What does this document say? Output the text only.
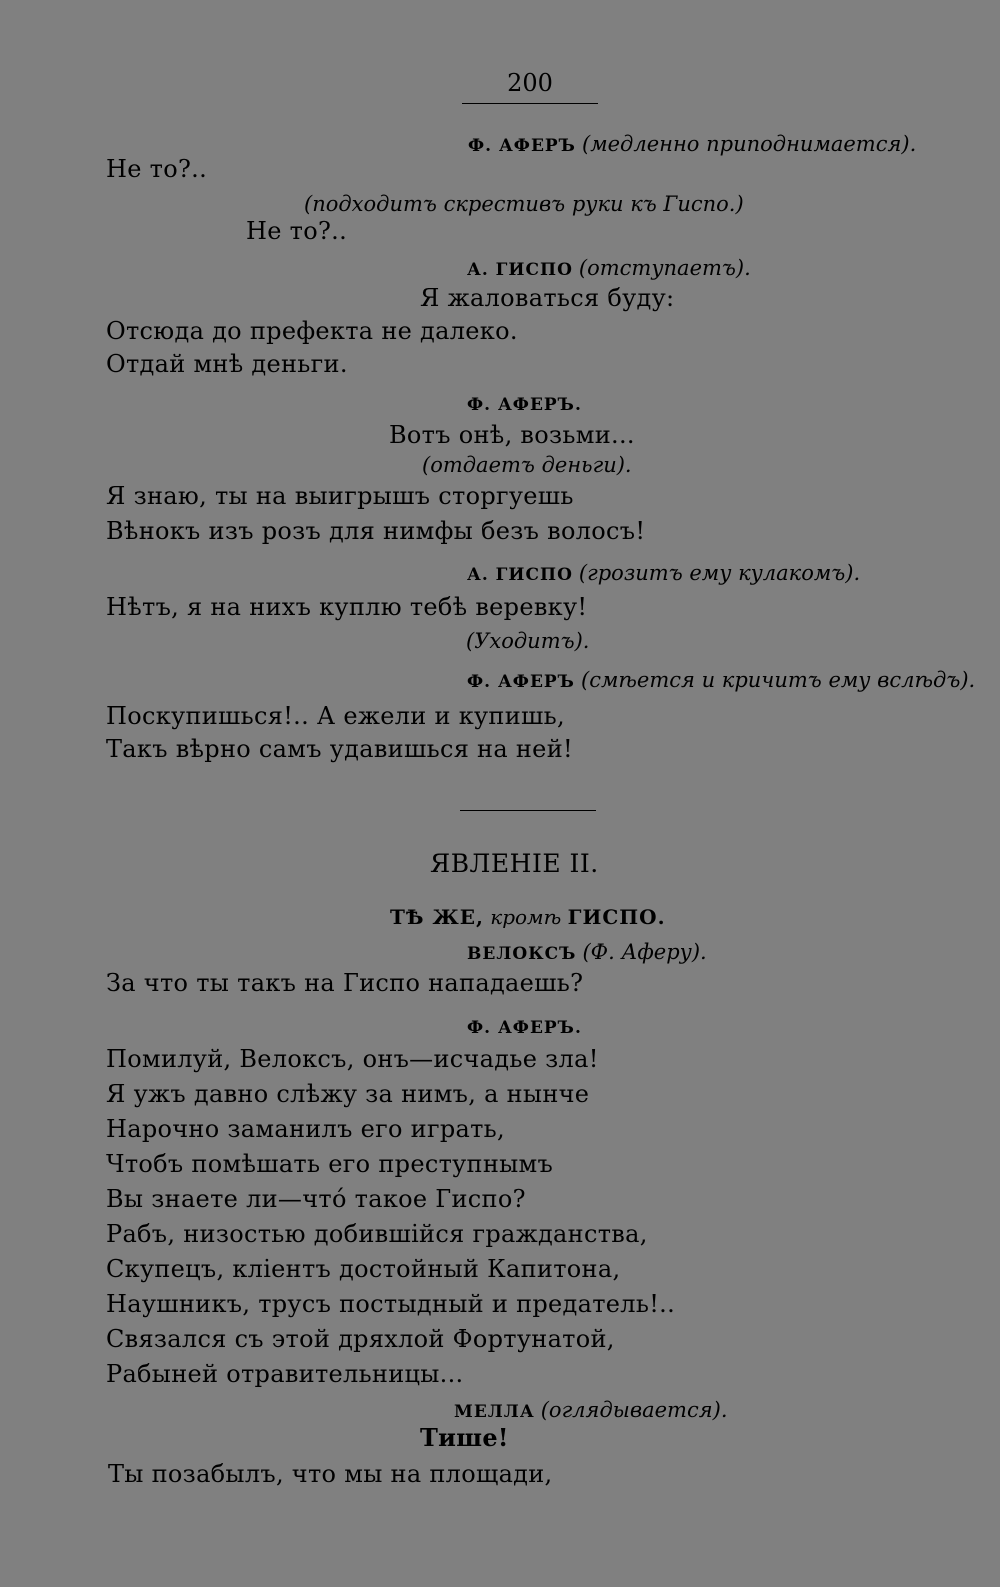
200
Ф. АФЕРЪ (медленно приподнимается).
Не то?..
(подходитъ скрестивъ руки къ Гиспо.)
Не то?..
А. ГИСПО (отступаетъ).
Я жаловаться буду:
Отсюда до префекта не далеко.
Отдай мнѣ деньги.
Ф. АФЕРЪ.
Вотъ онѣ, возьми...
(отдаетъ деньги).
Я знаю, ты на выигрышъ сторгуешь
Вѣнокъ изъ розъ для нимфы безъ волосъ!
А. ГИСПО (грозитъ ему кулакомъ).
Нѣтъ, я на нихъ куплю тебѣ веревку!
(Уходитъ).
Ф. АФЕРЪ (смѣется и кричитъ ему вслѣдъ).
Поскупишься!.. А ежели и купишь,
Такъ вѣрно самъ удавишься на ней!
ЯВЛЕНIЕ II.
ТѢ ЖЕ, кромѣ ГИСПО.
ВЕЛОКСЪ (Ф. Аферу).
За что ты такъ на Гиспо нападаешь?
Ф. АФЕРЪ.
Помилуй, Велоксъ, онъ—исчадье зла!
Я ужъ давно слѣжу за нимъ, а нынче
Нарочно заманилъ его играть,
Чтобъ помѣшать его преступнымъ
Вы знаете ли—что́ такое Гиспо?
Рабъ, низостью добившiйся гражданства,
Скупецъ, клiентъ достойный Капитона,
Наушникъ, трусъ постыдный и предатель!..
Связался съ этой дряхлой Фортунатой,
Рабыней отравительницы...
МЕЛЛА (оглядывается).
Тише!
Ты позабылъ, что мы на площади,
